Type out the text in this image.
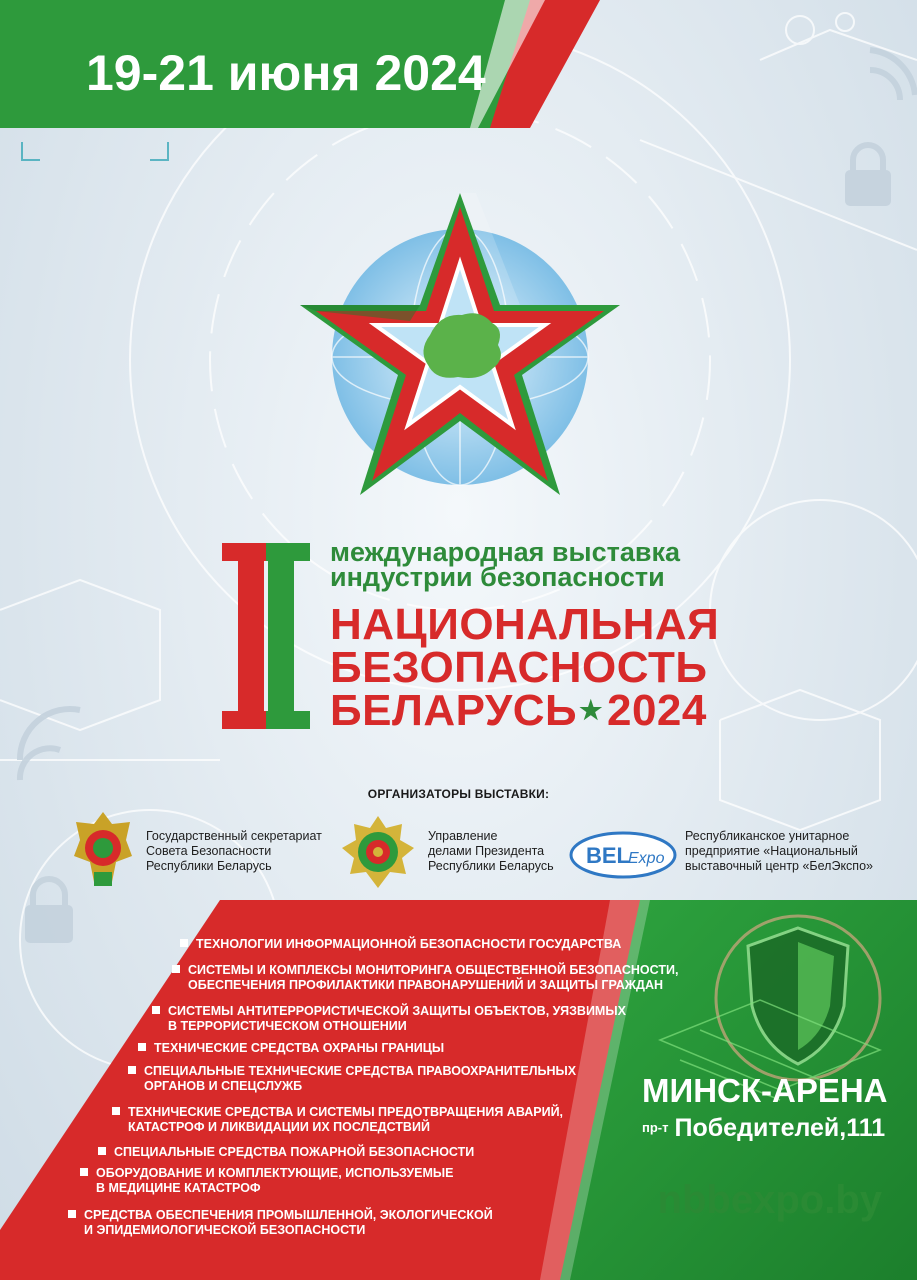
19-21 июня 2024
международная выставка
индустрии безопасности
НАЦИОНАЛЬНАЯ
БЕЗОПАСНОСТЬ
БЕЛАРУСЬ★2024
ОРГАНИЗАТОРЫ ВЫСТАВКИ:
Государственный секретариат
Совета Безопасности
Республики Беларусь
Управление
делами Президента
Республики Беларусь BEL
Expo
Республиканское унитарное
предприятие «Национальный
выставочный центр «БелЭкспо»
ТЕХНОЛОГИИ ИНФОРМАЦИОННОЙ БЕЗОПАСНОСТИ ГОСУДАРСТВА
СИСТЕМЫ И КОМПЛЕКСЫ МОНИТОРИНГА ОБЩЕСТВЕННОЙ БЕЗОПАСНОСТИ,
ОБЕСПЕЧЕНИЯ ПРОФИЛАКТИКИ ПРАВОНАРУШЕНИЙ И ЗАЩИТЫ ГРАЖДАН
СИСТЕМЫ АНТИТЕРРОРИСТИЧЕСКОЙ ЗАЩИТЫ ОБЪЕКТОВ, УЯЗВИМЫХ
В ТЕРРОРИСТИЧЕСКОМ ОТНОШЕНИИ
ТЕХНИЧЕСКИЕ СРЕДСТВА ОХРАНЫ ГРАНИЦЫ
СПЕЦИАЛЬНЫЕ ТЕХНИЧЕСКИЕ СРЕДСТВА ПРАВООХРАНИТЕЛЬНЫХ
ОРГАНОВ И СПЕЦСЛУЖБ
ТЕХНИЧЕСКИЕ СРЕДСТВА И СИСТЕМЫ ПРЕДОТВРАЩЕНИЯ АВАРИЙ,
КАТАСТРОФ И ЛИКВИДАЦИИ ИХ ПОСЛЕДСТВИЙ
СПЕЦИАЛЬНЫЕ СРЕДСТВА ПОЖАРНОЙ БЕЗОПАСНОСТИ
ОБОРУДОВАНИЕ И КОМПЛЕКТУЮЩИЕ, ИСПОЛЬЗУЕМЫЕ
В МЕДИЦИНЕ КАТАСТРОФ
СРЕДСТВА ОБЕСПЕЧЕНИЯ ПРОМЫШЛЕННОЙ, ЭКОЛОГИЧЕСКОЙ
И ЭПИДЕМИОЛОГИЧЕСКОЙ БЕЗОПАСНОСТИ
МИНСК-АРЕНА
пр-т Победителей,111
nbbexpo.by
